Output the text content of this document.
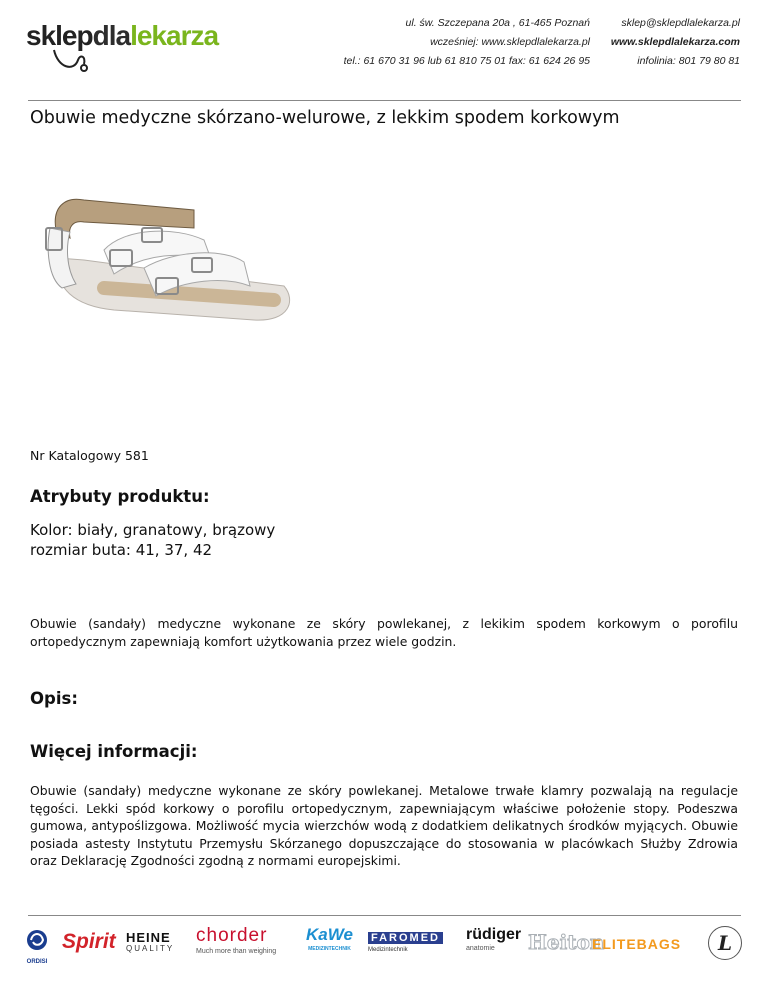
sklepdlalekarza	ul. św. Szczepana 20a , 61-465 Poznań
wcześniej: www.sklepdlalekarza.pl
tel.: 61 670 31 96 lub 61 810 75 01 fax: 61 624 26 95
sklep@sklepdlalekarza.pl
www.sklepdlalekarza.com
infolinia: 801 79 80 81
Obuwie medyczne skórzano-welurowe, z lekkim spodem korkowym
Nr Katalogowy 581
Atrybuty produktu:
Kolor: biały, granatowy, brązowy
rozmiar buta: 41, 37, 42

Obuwie (sandały) medyczne wykonane ze skóry powlekanej, z lekikim spodem korkowym o porofilu ortopedycznym zapewniają komfort użytkowania przez wiele godzin.

Opis:
Więcej informacji:

Obuwie (sandały) medyczne wykonane ze skóry powlekanej. Metalowe trwałe klamry pozwalają na regulacje tęgości. Lekki spód korkowy o porofilu ortopedycznym, zapewniającym właściwe położenie stopy. Podeszwa gumowa, antypoślizgowa. Możliwość mycia wierzchów wodą z dodatkiem delikatnych środków myjących. Obuwie posiada astesty Instytutu Przemysłu Skórzanego dopuszczające do stosowania w placówkach Służby Zdrowia oraz Deklarację Zgodności zgodną z normami europejskimi.

ORDISI
Spirit HEINE
QUALITY
chorder
Much more than weighing
KaWe
MEDIZINTECHNIK
FAROMED
Medizintechnik
rüdiger
anatomie	Heiton
ELITEBAGS	L
